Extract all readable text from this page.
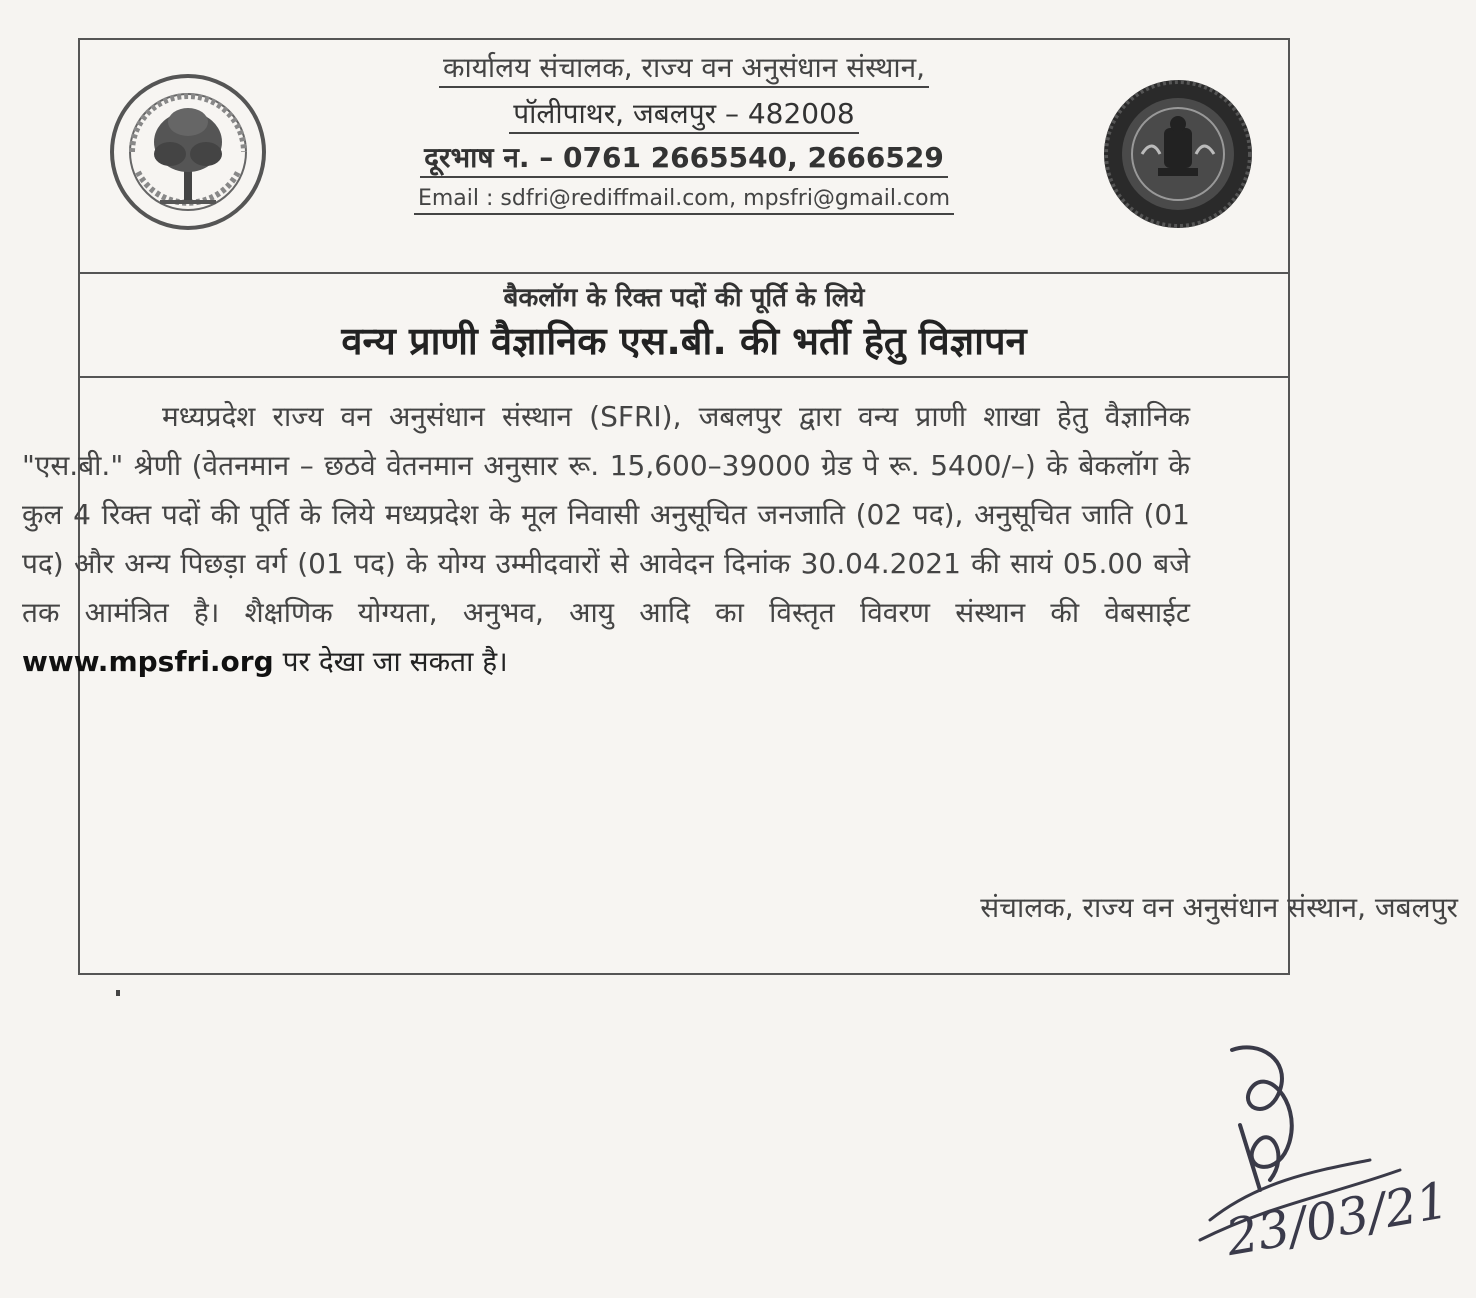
कार्यालय संचालक, राज्य वन अनुसंधान संस्थान,
पॉलीपाथर, जबलपुर – 482008
दूरभाष न. – 0761 2665540, 2666529
Email : sdfri@rediffmail.com, mpsfri@gmail.com
बैकलॉग के रिक्त पदों की पूर्ति के लिये
वन्य प्राणी वैज्ञानिक एस.बी. की भर्ती हेतु विज्ञापन
मध्यप्रदेश राज्य वन अनुसंधान संस्थान (SFRI), जबलपुर द्वारा वन्य प्राणी शाखा हेतु वैज्ञानिक "एस.बी." श्रेणी (वेतनमान – छठवे वेतनमान अनुसार रू. 15,600–39000 ग्रेड पे रू. 5400/–) के बेकलॉग के कुल 4 रिक्त पदों की पूर्ति के लिये मध्यप्रदेश के मूल निवासी अनुसूचित जनजाति (02 पद), अनुसूचित जाति (01 पद) और अन्य पिछड़ा वर्ग (01 पद) के योग्य उम्मीदवारों से आवेदन दिनांक 30.04.2021 की सायं 05.00 बजे तक आमंत्रित है। शैक्षणिक योग्यता, अनुभव, आयु आदि का विस्तृत विवरण संस्थान की वेबसाईट www.mpsfri.org पर देखा जा सकता है।
संचालक, राज्य वन अनुसंधान संस्थान, जबलपुर
23/03/21
